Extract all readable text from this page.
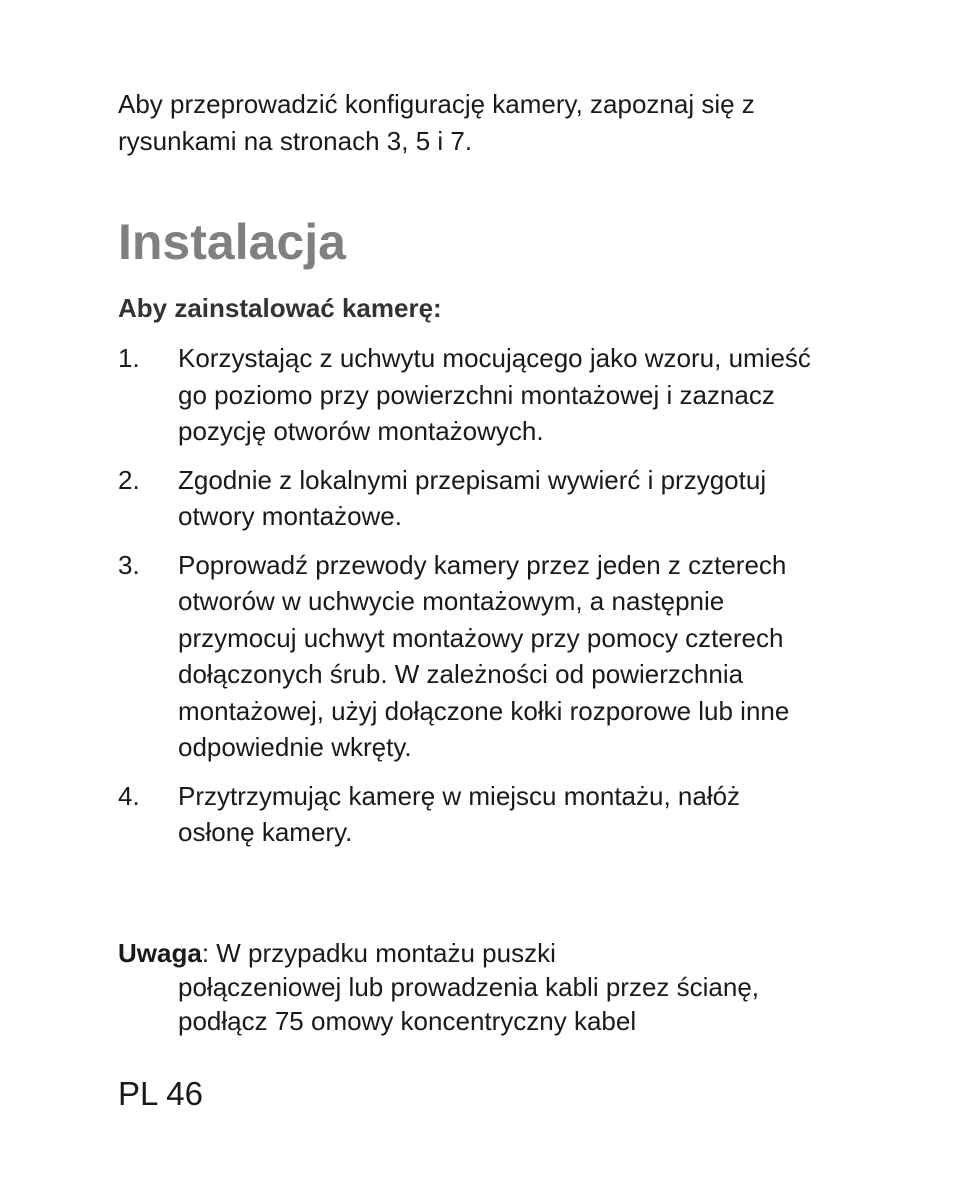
Aby przeprowadzić konfigurację kamery, zapoznaj się z rysunkami na stronach 3, 5 i 7.

Instalacja

Aby zainstalować kamerę:

1.	Korzystając z uchwytu mocującego jako wzoru, umieść go poziomo przy powierzchni montażowej i zaznacz pozycję otworów montażowych.
2.	Zgodnie z lokalnymi przepisami wywierć i przygotuj otwory montażowe.
3.	Poprowadź przewody kamery przez jeden z czterech otworów w uchwycie montażowym, a następnie przymocuj uchwyt montażowy przy pomocy czterech dołączonych śrub. W zależności od powierzchnia montażowej, użyj dołączone kołki rozporowe lub inne odpowiednie wkręty.
4.	Przytrzymując kamerę w miejscu montażu, nałóż osłonę kamery.

Uwaga: W przypadku montażu puszki
połączeniowej lub prowadzenia kabli przez ścianę, podłącz 75 omowy koncentryczny kabel

PL 46
